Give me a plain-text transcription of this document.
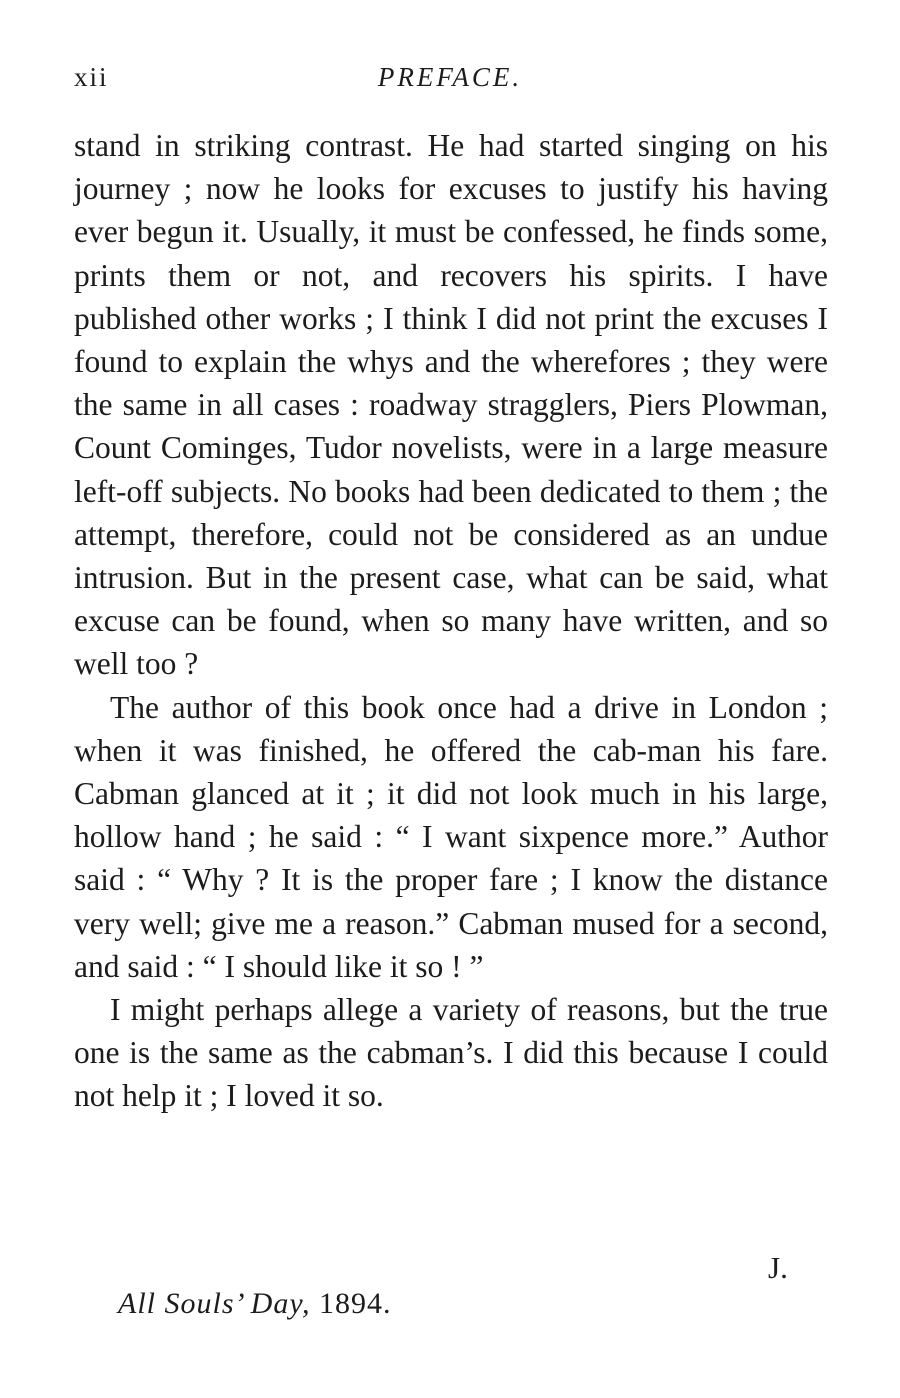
xii	PREFACE.

stand in striking contrast. He had started singing on his journey ; now he looks for excuses to justify his having ever begun it. Usually, it must be confessed, he finds some, prints them or not, and recovers his spirits. I have published other works ; I think I did not print the excuses I found to explain the whys and the wherefores ; they were the same in all cases : roadway stragglers, Piers Plowman, Count Cominges, Tudor novelists, were in a large measure left-off subjects. No books had been dedicated to them ; the attempt, therefore, could not be considered as an undue intrusion. But in the present case, what can be said, what excuse can be found, when so many have written, and so well too ?

The author of this book once had a drive in London ; when it was finished, he offered the cab-man his fare. Cabman glanced at it ; it did not look much in his large, hollow hand ; he said : “ I want sixpence more.” Author said : “ Why ? It is the proper fare ; I know the distance very well; give me a reason.” Cabman mused for a second, and said : “ I should like it so ! ”

I might perhaps allege a variety of reasons, but the true one is the same as the cabman’s. I did this because I could not help it ; I loved it so.

J.
All Souls’ Day, 1894.
